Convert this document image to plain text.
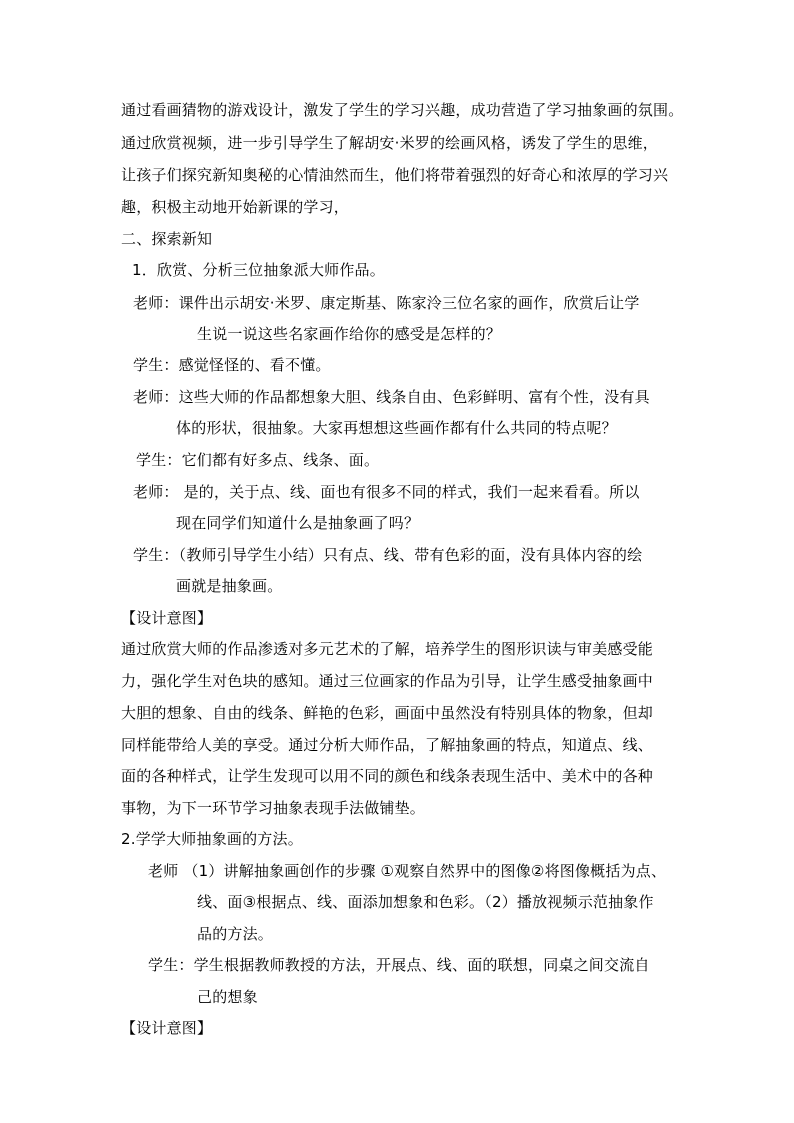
通过看画猜物的游戏设计，激发了学生的学习兴趣，成功营造了学习抽象画的氛围。
通过欣赏视频，进一步引导学生了解胡安·米罗的绘画风格，诱发了学生的思维，
让孩子们探究新知奥秘的心情油然而生，他们将带着强烈的好奇心和浓厚的学习兴
趣，积极主动地开始新课的学习，
二、探索新知
1．欣赏、分析三位抽象派大师作品。
老师：课件出示胡安·米罗、康定斯基、陈家泠三位名家的画作，欣赏后让学
生说一说这些名家画作给你的感受是怎样的？
学生：感觉怪怪的、看不懂。
老师：这些大师的作品都想象大胆、线条自由、色彩鲜明、富有个性，没有具
体的形状，很抽象。大家再想想这些画作都有什么共同的特点呢？
学生：它们都有好多点、线条、面。
老师： 是的，关于点、线、面也有很多不同的样式，我们一起来看看。所以
现在同学们知道什么是抽象画了吗？
学生：（教师引导学生小结）只有点、线、带有色彩的面，没有具体内容的绘
画就是抽象画。
【设计意图】
通过欣赏大师的作品渗透对多元艺术的了解，培养学生的图形识读与审美感受能
力，强化学生对色块的感知。通过三位画家的作品为引导，让学生感受抽象画中
大胆的想象、自由的线条、鲜艳的色彩，画面中虽然没有特别具体的物象，但却
同样能带给人美的享受。通过分析大师作品，了解抽象画的特点，知道点、线、
面的各种样式，让学生发现可以用不同的颜色和线条表现生活中、美术中的各种
事物，为下一环节学习抽象表现手法做铺垫。
2.学学大师抽象画的方法。
老师 （1）讲解抽象画创作的步骤 ①观察自然界中的图像②将图像概括为点、
线、面③根据点、线、面添加想象和色彩。（2）播放视频示范抽象作
品的方法。
学生：学生根据教师教授的方法，开展点、线、面的联想，同桌之间交流自
己的想象
【设计意图】
